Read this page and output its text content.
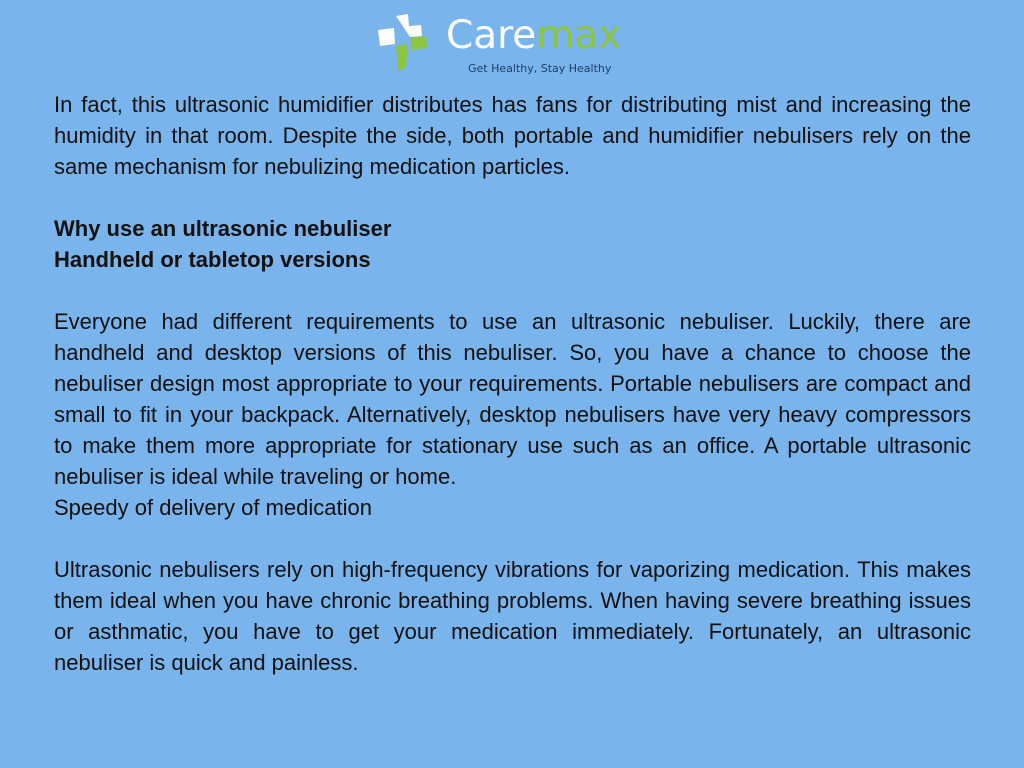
Caremax
Get Healthy, Stay Healthy

In fact, this ultrasonic humidifier distributes has fans for distributing mist and increasing the humidity in that room. Despite the side, both portable and humidifier nebulisers rely on the same mechanism for nebulizing medication particles.

Why use an ultrasonic nebuliser

Handheld or tabletop versions

Everyone had different requirements to use an ultrasonic nebuliser. Luckily, there are handheld and desktop versions of this nebuliser. So, you have a chance to choose the nebuliser design most appropriate to your requirements. Portable nebulisers are compact and small to fit in your backpack. Alternatively, desktop nebulisers have very heavy compressors to make them more appropriate for stationary use such as an office. A portable ultrasonic nebuliser is ideal while traveling or home.

Speedy of delivery of medication

Ultrasonic nebulisers rely on high-frequency vibrations for vaporizing medication. This makes them ideal when you have chronic breathing problems. When having severe breathing issues or asthmatic, you have to get your medication immediately. Fortunately, an ultrasonic nebuliser is quick and painless.
